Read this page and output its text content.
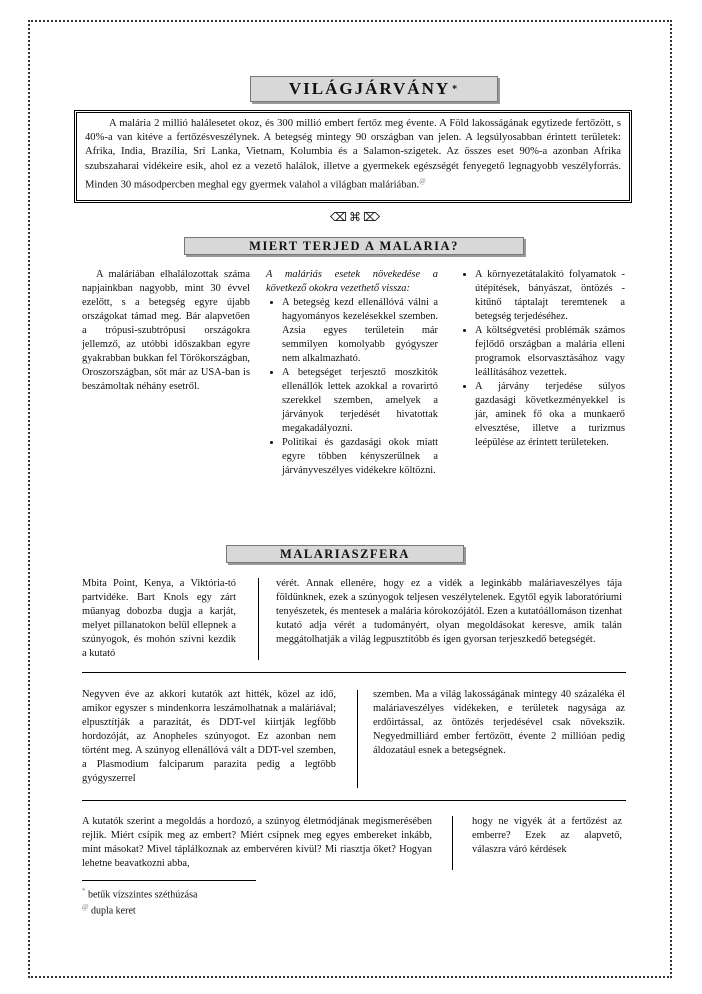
VILÁGJÁRVÁNY *

A malária 2 millió halálesetet okoz, és 300 millió embert fertőz meg évente. A Föld lakosságának egytizede fertőzött, s 40%-a van kitéve a fertőzésveszélynek. A betegség mintegy 90 országban van jelen. A legsúlyosabban érintett területek: Afrika, India, Brazília, Srí Lanka, Vietnam, Kolumbia és a Salamon-szigetek. Az összes eset 90%-a azonban Afrika szubszaharai vidékeire esik, ahol ez a vezető halálok, illetve a gyermekek egészségét fenyegető legnagyobb veszélyforrás. Minden 30 másodpercben meghal egy gyermek valahol a világban maláriában.@

⌫⌘⌦
MIERT TERJED A MALARIA?

A maláriában elhalálozottak száma napjainkban nagyobb, mint 30 évvel ezelőtt, s a betegség egyre újabb országokat támad meg. Bár alapvetően a trópusi-szubtrópusi országokra jellemző, az utóbbi időszakban egyre gyakrabban bukkan fel Törökországban, Oroszországban, sőt már az USA-ban is beszámoltak néhány esetről.

A maláriás esetek növekedése a következő okokra vezethető vissza:

• A betegség kezd ellenállóvá válni a hagyományos kezelésekkel szemben. Azsia egyes területein már semmilyen komolyabb gyógyszer nem alkalmazható.
• A betegséget terjesztő moszkitók ellenállók lettek azokkal a rovarirtó szerekkel szemben, amelyek a járványok terjedését hivatottak megakadályozni.
• Politikai és gazdasági okok miatt egyre többen kényszerülnek a járványveszélyes vidékekre költözni.
• A környezetátalakító folyamatok - útépítések, bányászat, öntözés - kitűnő táptalajt teremtenek a betegség terjedéséhez.
• A költségvetési problémák számos fejlődő országban a malária elleni programok elsorvasztásához vagy leállításához vezettek.
• A járvány terjedése súlyos gazdasági következményekkel is jár, aminek fő oka a munkaerő elvesztése, illetve a turizmus leépülése az érintett területeken.
MALARIASZFERA

Mbita Point, Kenya, a Viktória-tó partvidéke. Bart Knols egy zárt műanyag dobozba dugja a karját, melyet pillanatokon belül ellepnek a szúnyogok, és mohón szívni kezdik a kutató

vérét. Annak ellenére, hogy ez a vidék a leginkább maláriaveszélyes tája földünknek, ezek a szúnyogok teljesen veszélytelenek. Egytől egyik laboratóriumi tenyészetek, és mentesek a malária kórokozójától. Ezen a kutatóállomáson tizenhat kutató adja vérét a tudományért, olyan megoldásokat keresve, amik talán meggátolhatják a világ legpusztítóbb és igen gyorsan terjeszkedő betegségét.

Negyven éve az akkori kutatók azt hitték, közel az idő, amikor egyszer s mindenkorra leszámolhatnak a maláriával; elpusztítják a parazitát, és DDT-vel kiirtják legfőbb hordozóját, az Anopheles szúnyogot. Ez azonban nem történt meg. A szúnyog ellenállóvá vált a DDT-vel szemben, a Plasmodium falciparum parazita pedig a legtöbb gyógyszerrel

szemben. Ma a világ lakosságának mintegy 40 százaléka él maláriaveszélyes vidékeken, e területek nagysága az erdőirtással, az öntözés terjedésével csak növekszik. Negyedmilliárd ember fertőzött, évente 2 millióan pedig áldozatául esnek a betegségnek.

A kutatók szerint a megoldás a hordozó, a szúnyog életmódjának megismerésében rejlik. Miért csípik meg az embert? Miért csípnek meg egyes embereket inkább, mint másokat? Mivel táplálkoznak az embervéren kívül? Mi riasztja őket? Hogyan lehetne beavatkozni abba,

hogy ne vigyék át a fertőzést az emberre? Ezek az alapvető, válaszra váró kérdések

* betűk vízszintes széthúzása
@ dupla keret
